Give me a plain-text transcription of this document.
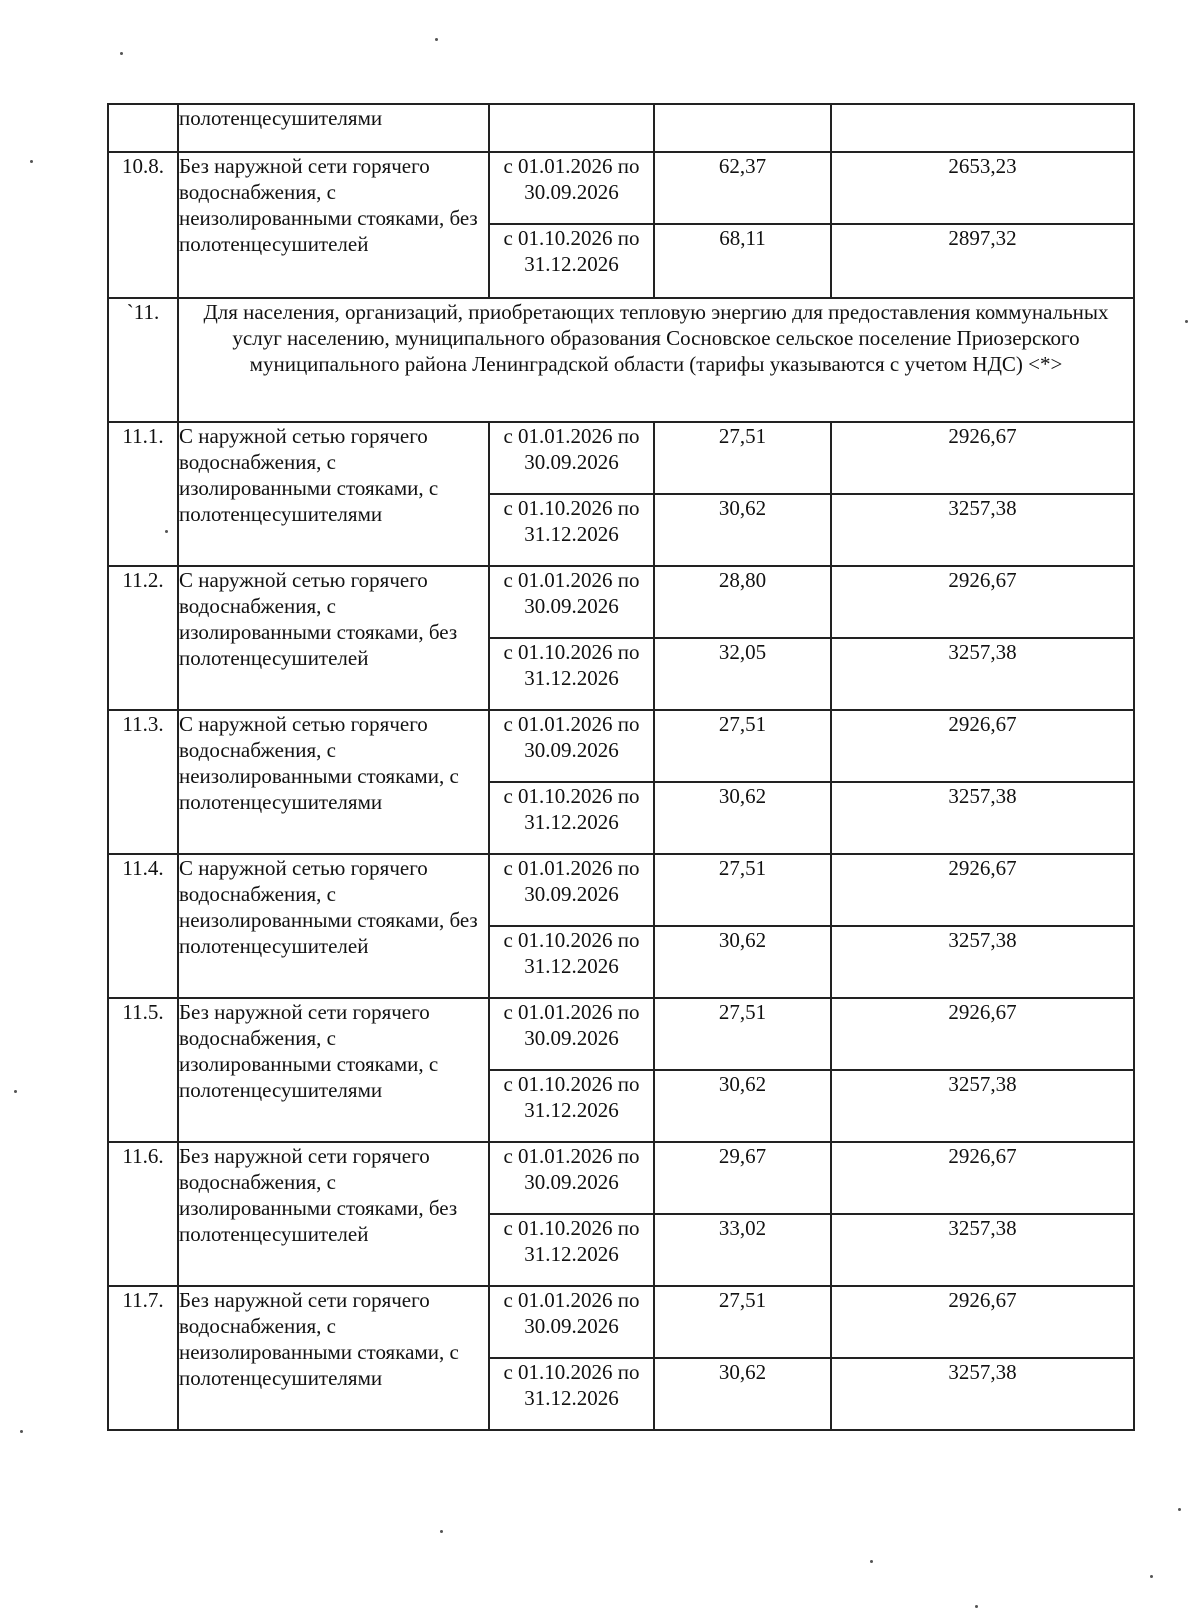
	полотенцесушителями			
10.8.	Без наружной сети горячего водоснабжения, с неизолированными стояками, без полотенцесушителей	с 01.01.2026 по 30.09.2026	62,37	2653,23
		с 01.10.2026 по 31.12.2026	68,11	2897,32
`11.	Для населения, организаций, приобретающих тепловую энергию для предоставления коммунальных услуг населению, муниципального образования Сосновское сельское поселение Приозерского муниципального района Ленинградской области (тарифы указываются с учетом НДС) <*>			
11.1.	С наружной сетью горячего водоснабжения, с изолированными стояками, с полотенцесушителями	с 01.01.2026 по 30.09.2026	27,51	2926,67
		с 01.10.2026 по 31.12.2026	30,62	3257,38
11.2.	С наружной сетью горячего водоснабжения, с изолированными стояками, без полотенцесушителей	с 01.01.2026 по 30.09.2026	28,80	2926,67
		с 01.10.2026 по 31.12.2026	32,05	3257,38
11.3.	С наружной сетью горячего водоснабжения, с неизолированными стояками, с полотенцесушителями	с 01.01.2026 по 30.09.2026	27,51	2926,67
		с 01.10.2026 по 31.12.2026	30,62	3257,38
11.4.	С наружной сетью горячего водоснабжения, с неизолированными стояками, без полотенцесушителей	с 01.01.2026 по 30.09.2026	27,51	2926,67
		с 01.10.2026 по 31.12.2026	30,62	3257,38
11.5.	Без наружной сети горячего водоснабжения, с изолированными стояками, с полотенцесушителями	с 01.01.2026 по 30.09.2026	27,51	2926,67
		с 01.10.2026 по 31.12.2026	30,62	3257,38
11.6.	Без наружной сети горячего водоснабжения, с изолированными стояками, без полотенцесушителей	с 01.01.2026 по 30.09.2026	29,67	2926,67
		с 01.10.2026 по 31.12.2026	33,02	3257,38
11.7.	Без наружной сети горячего водоснабжения, с неизолированными стояками, с полотенцесушителями	с 01.01.2026 по 30.09.2026	27,51	2926,67
		с 01.10.2026 по 31.12.2026	30,62	3257,38
